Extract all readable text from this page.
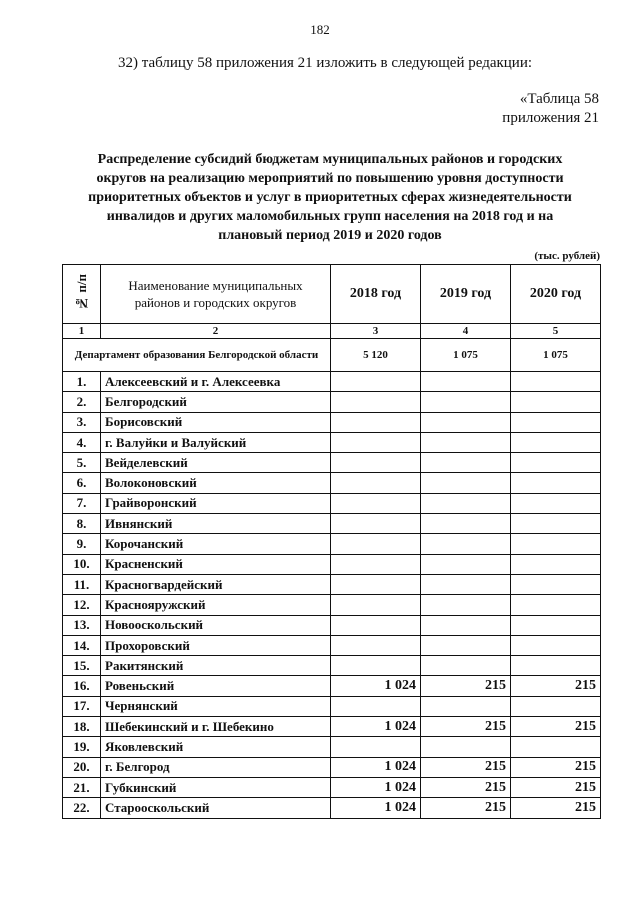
182
32) таблицу 58 приложения 21 изложить в следующей редакции:
«Таблица 58
приложения 21
Распределение субсидий бюджетам муниципальных районов и городских
округов на реализацию мероприятий по повышению уровня доступности
приоритетных объектов и услуг в приоритетных сферах жизнедеятельности
инвалидов и других маломобильных групп населения на 2018 год и на
плановый период 2019 и 2020 годов
(тыс. рублей)
№ п/п	Наименование муниципальных районов и городских округов	2018 год	2019 год	2020 год
1	2	3	4	5
Департамент образования Белгородской области		5 120	1 075	1 075
1.	Алексеевский и г. Алексеевка			
2.	Белгородский			
3.	Борисовский			
4.	г. Валуйки и Валуйский			
5.	Вейделевский			
6.	Волоконовский			
7.	Грайворонский			
8.	Ивнянский			
9.	Корочанский			
10.	Красненский			
11.	Красногвардейский			
12.	Краснояружский			
13.	Новооскольский			
14.	Прохоровский			
15.	Ракитянский			
16.	Ровеньский	1 024	215	215
17.	Чернянский			
18.	Шебекинский и г. Шебекино	1 024	215	215
19.	Яковлевский			
20.	г. Белгород	1 024	215	215
21.	Губкинский	1 024	215	215
22.	Старооскольский	1 024	215	215
